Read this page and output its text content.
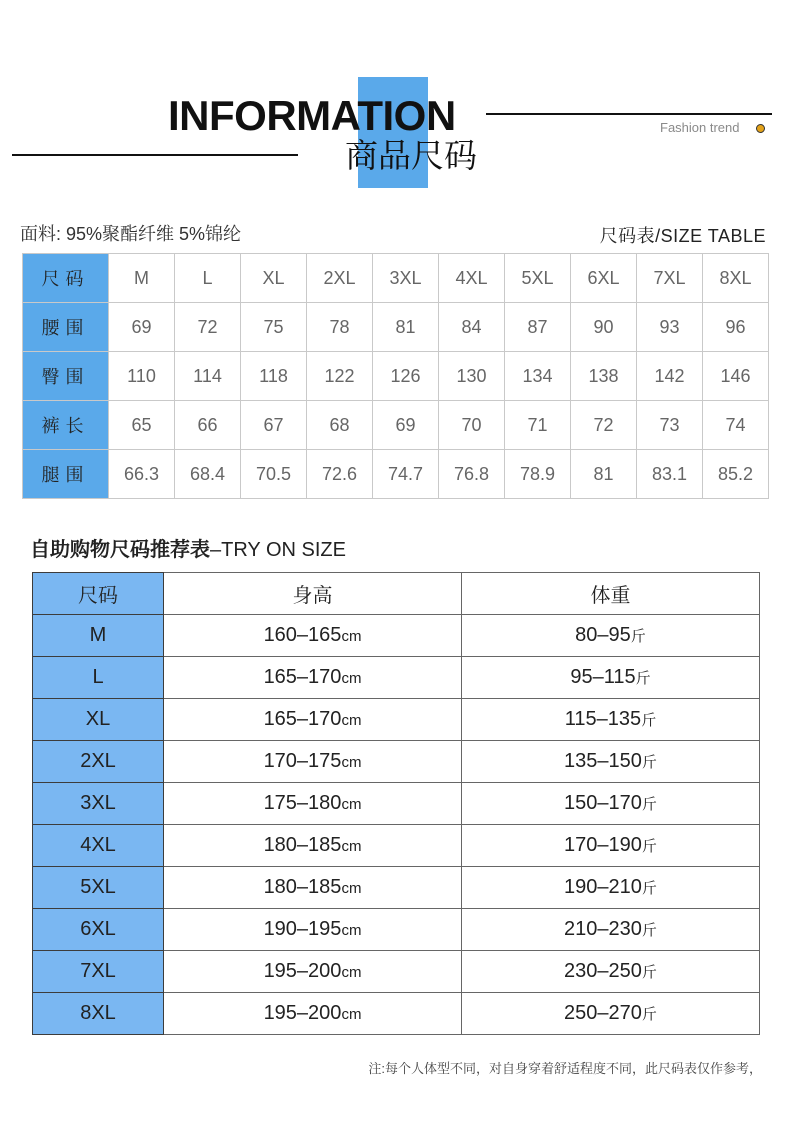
INFORMATION
商品尺码
Fashion trend
面料: 95%聚酯纤维 5%锦纶	尺码表/SIZE TABLE
尺码	M	L	XL	2XL	3XL	4XL	5XL	6XL	7XL	8XL
腰围	69	72	75	78	81	84	87	90	93	96
臀围	110	114	118	122	126	130	134	138	142	146
裤长	65	66	67	68	69	70	71	72	73	74
腿围	66.3	68.4	70.5	72.6	74.7	76.8	78.9	81	83.1	85.2
自助购物尺码推荐表–TRY ON SIZE
尺码	身高	体重
M	160–165cm	80–95斤
L	165–170cm	95–115斤
XL	165–170cm	115–135斤
2XL	170–175cm	135–150斤
3XL	175–180cm	150–170斤
4XL	180–185cm	170–190斤
5XL	180–185cm	190–210斤
6XL	190–195cm	210–230斤
7XL	195–200cm	230–250斤
8XL	195–200cm	250–270斤
注:每个人体型不同，对自身穿着舒适程度不同，此尺码表仅作参考，
